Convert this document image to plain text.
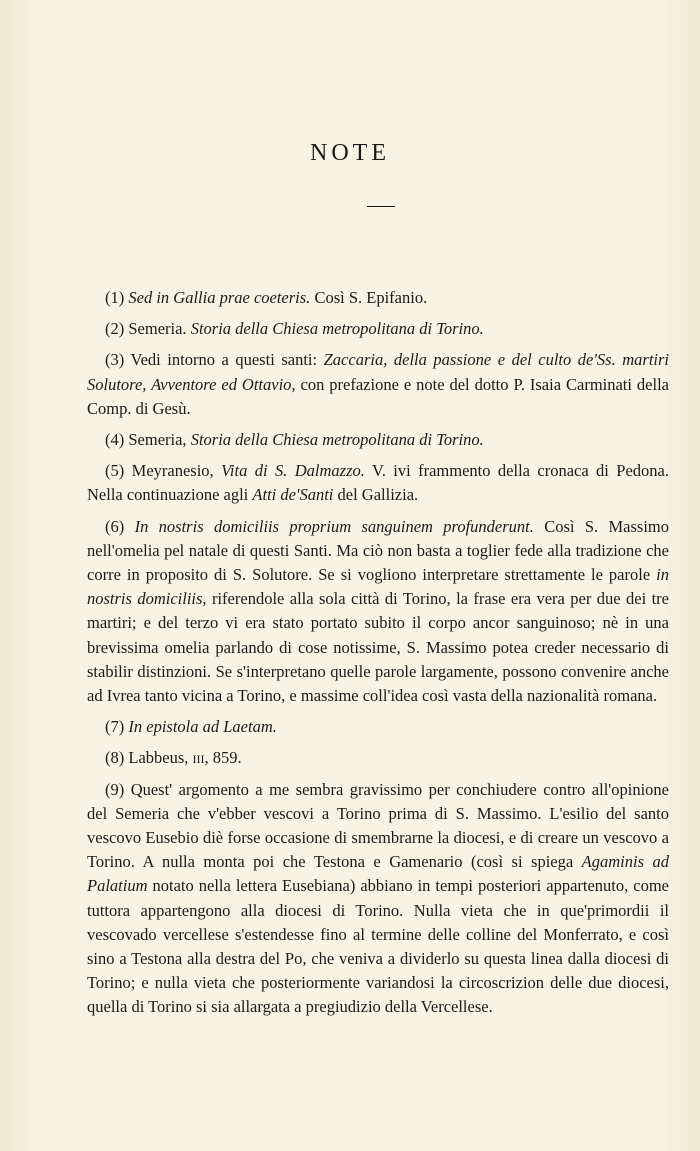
NOTE

(1) Sed in Gallia prae coeteris. Così S. Epifanio.

(2) Semeria. Storia della Chiesa metropolitana di Torino.

(3) Vedi intorno a questi santi: Zaccaria, della passione e del culto de'Ss. martiri Solutore, Avventore ed Ottavio, con prefazione e note del dotto P. Isaia Carminati della Comp. di Gesù.

(4) Semeria, Storia della Chiesa metropolitana di Torino.

(5) Meyranesio, Vita di S. Dalmazzo. V. ivi frammento della cronaca di Pedona. Nella continuazione agli Atti de'Santi del Gallizia.

(6) In nostris domiciliis proprium sanguinem profunderunt. Così S. Massimo nell'omelia pel natale di questi Santi. Ma ciò non basta a toglier fede alla tradizione che corre in proposito di S. Solutore. Se si vogliono interpretare strettamente le parole in nostris domiciliis, riferendole alla sola città di Torino, la frase era vera per due dei tre martiri; e del terzo vi era stato portato subito il corpo ancor sanguinoso; nè in una brevissima omelia parlando di cose notissime, S. Massimo potea creder necessario di stabilir distinzioni. Se s'interpretano quelle parole largamente, possono convenire anche ad Ivrea tanto vicina a Torino, e massime coll'idea così vasta della nazionalità romana.

(7) In epistola ad Laetam.

(8) Labbeus, iii, 859.

(9) Quest' argomento a me sembra gravissimo per conchiudere contro all'opinione del Semeria che v'ebber vescovi a Torino prima di S. Massimo. L'esilio del santo vescovo Eusebio diè forse occasione di smembrarne la diocesi, e di creare un vescovo a Torino. A nulla monta poi che Testona e Gamenario (così si spiega Agaminis ad Palatium notato nella lettera Eusebiana) abbiano in tempi posteriori appartenuto, come tuttora appartengono alla diocesi di Torino. Nulla vieta che in que'primordii il vescovado vercellese s'estendesse fino al termine delle colline del Monferrato, e così sino a Testona alla destra del Po, che veniva a dividerlo su questa linea dalla diocesi di Torino; e nulla vieta che posteriormente variandosi la circoscrizion delle due diocesi, quella di Torino si sia allargata a pregiudizio della Vercellese.
